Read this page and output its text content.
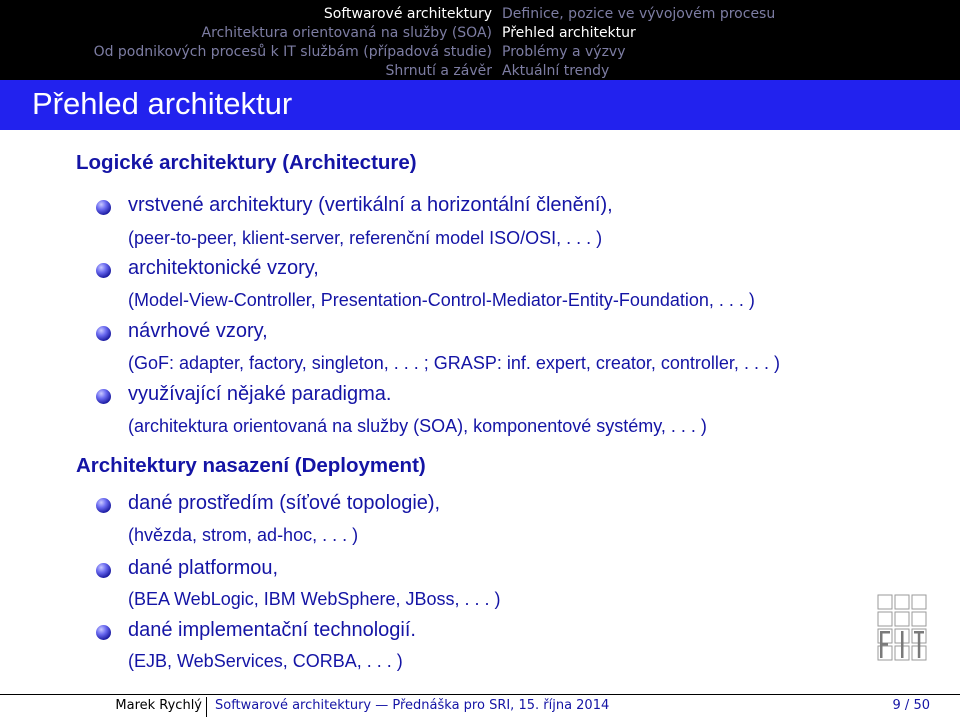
Softwarové architektury
Architektura orientovaná na služby (SOA)
Od podnikových procesů k IT službám (případová studie)
Shrnutí a závěr
Definice, pozice ve vývojovém procesu
Přehled architektur
Problémy a výzvy
Aktuální trendy
Přehled architektur
Logické architektury (Architecture)
vrstvené architektury (vertikální a horizontální členění),
(peer-to-peer, klient-server, referenční model ISO/OSI, . . . )
architektonické vzory,
(Model-View-Controller, Presentation-Control-Mediator-Entity-Foundation, . . . )
návrhové vzory,
(GoF: adapter, factory, singleton, . . . ; GRASP: inf. expert, creator, controller, . . . )
využívající nějaké paradigma.
(architektura orientovaná na služby (SOA), komponentové systémy, . . . )
Architektury nasazení (Deployment)
dané prostředím (síťové topologie),
(hvězda, strom, ad-hoc, . . . )
dané platformou,
(BEA WebLogic, IBM WebSphere, JBoss, . . . )
dané implementační technologií.
(EJB, WebServices, CORBA, . . . )
Marek Rychlý Softwarové architektury — Přednáška pro SRI, 15. října 2014	9 / 50
